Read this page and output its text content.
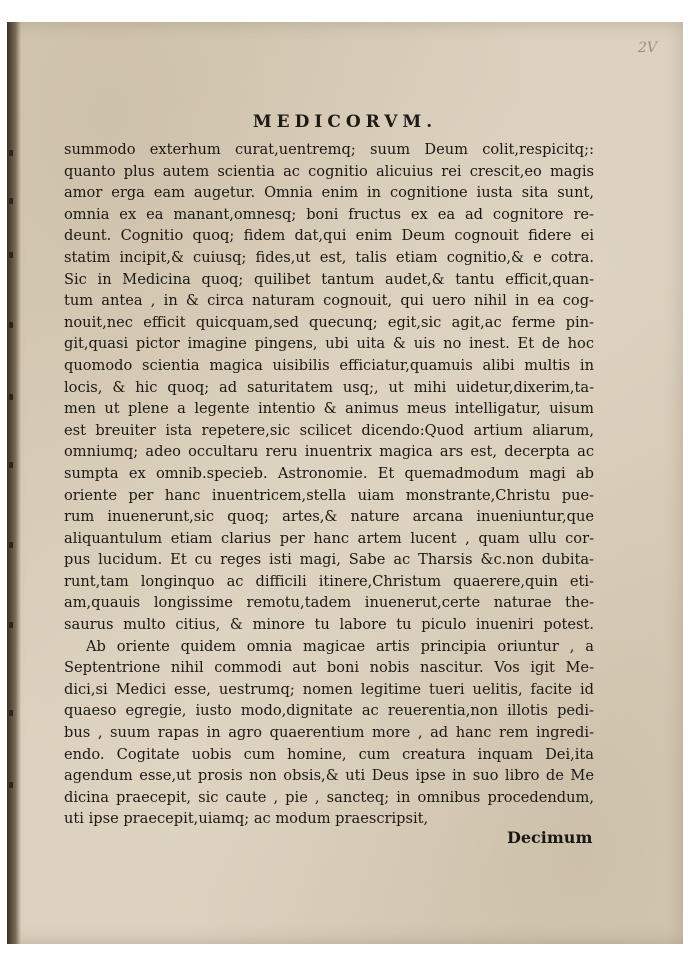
2V
MEDICORVM.
summodo exterhum curat,uentremq; suum Deum colit,respicitq;:
quanto plus autem scientia ac cognitio alicuius rei crescit,eo magis
amor erga eam augetur. Omnia enim in cognitione iusta sita sunt,
omnia ex ea manant,omnesq; boni fructus ex ea ad cognitore re-
deunt. Cognitio quoq; fidem dat,qui enim Deum cognouit fidere ei
statim incipit,& cuiusq; fides,ut est, talis etiam cognitio,& e cotra.
Sic in Medicina quoq; quilibet tantum audet,& tantu efficit,quan-
tum antea , in & circa naturam cognouit, qui uero nihil in ea cog-
nouit,nec efficit quicquam,sed quecunq; egit,sic agit,ac ferme pin-
git,quasi pictor imagine pingens, ubi uita & uis no inest. Et de hoc
quomodo scientia magica uisibilis efficiatur,quamuis alibi multis in
locis, & hic quoq; ad saturitatem usq;, ut mihi uidetur,dixerim,ta-
men ut plene a legente intentio & animus meus intelligatur, uisum
est breuiter ista repetere,sic scilicet dicendo:Quod artium aliarum,
omniumq; adeo occultaru reru inuentrix magica ars est, decerpta ac
sumpta ex omnib.specieb. Astronomie. Et quemadmodum magi ab
oriente per hanc inuentricem,stella uiam monstrante,Christu pue-
rum inuenerunt,sic quoq; artes,& nature arcana inueniuntur,que
aliquantulum etiam clarius per hanc artem lucent , quam ullu cor-
pus lucidum. Et cu reges isti magi, Sabe ac Tharsis &c.non dubita-
runt,tam longinquo ac difficili itinere,Christum quaerere,quin eti-
am,quauis longissime remotu,tadem inuenerut,certe naturae the-
saurus multo citius, & minore tu labore tu piculo inueniri potest.
Ab oriente quidem omnia magicae artis principia oriuntur , a
Septentrione nihil commodi aut boni nobis nascitur. Vos igit Me-
dici,si Medici esse, uestrumq; nomen legitime tueri uelitis, facite id
quaeso egregie, iusto modo,dignitate ac reuerentia,non illotis pedi-
bus , suum rapas in agro quaerentium more , ad hanc rem ingredi-
endo. Cogitate uobis cum homine, cum creatura inquam Dei,ita
agendum esse,ut prosis non obsis,& uti Deus ipse in suo libro de Me
dicina praecepit, sic caute , pie , sancteq; in omnibus procedendum,
uti ipse praecepit,uiamq; ac modum praescripsit,
Decimum
